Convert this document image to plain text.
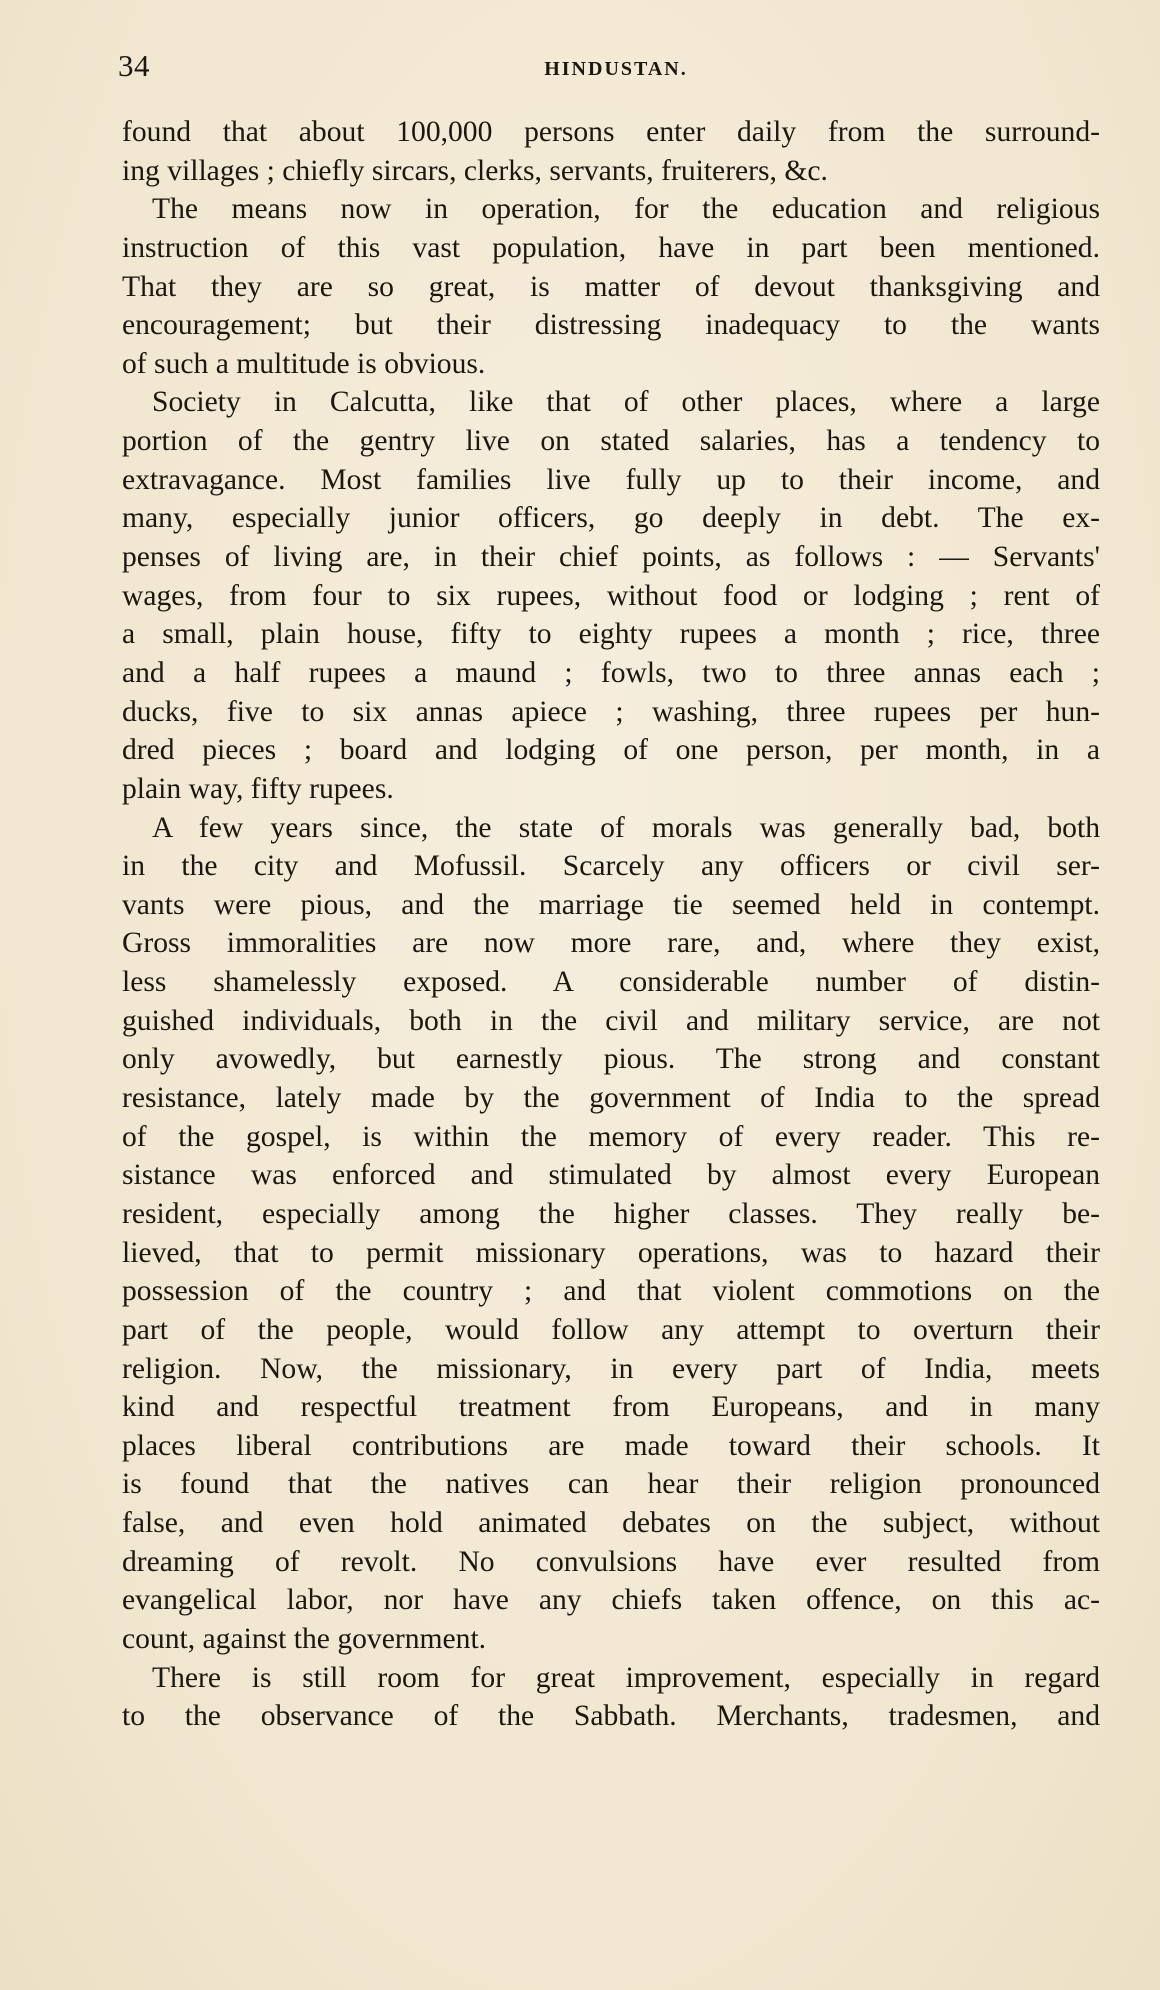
34	HINDUSTAN.
found that about 100,000 persons enter daily from the surround-
ing villages ; chiefly sircars, clerks, servants, fruiterers, &c.
The means now in operation, for the education and religious
instruction of this vast population, have in part been mentioned.
That they are so great, is matter of devout thanksgiving and
encouragement; but their distressing inadequacy to the wants
of such a multitude is obvious.
Society in Calcutta, like that of other places, where a large
portion of the gentry live on stated salaries, has a tendency to
extravagance. Most families live fully up to their income, and
many, especially junior officers, go deeply in debt. The ex-
penses of living are, in their chief points, as follows : — Servants'
wages, from four to six rupees, without food or lodging ; rent of
a small, plain house, fifty to eighty rupees a month ; rice, three
and a half rupees a maund ; fowls, two to three annas each ;
ducks, five to six annas apiece ; washing, three rupees per hun-
dred pieces ; board and lodging of one person, per month, in a
plain way, fifty rupees.
A few years since, the state of morals was generally bad, both
in the city and Mofussil. Scarcely any officers or civil ser-
vants were pious, and the marriage tie seemed held in contempt.
Gross immoralities are now more rare, and, where they exist,
less shamelessly exposed. A considerable number of distin-
guished individuals, both in the civil and military service, are not
only avowedly, but earnestly pious. The strong and constant
resistance, lately made by the government of India to the spread
of the gospel, is within the memory of every reader. This re-
sistance was enforced and stimulated by almost every European
resident, especially among the higher classes. They really be-
lieved, that to permit missionary operations, was to hazard their
possession of the country ; and that violent commotions on the
part of the people, would follow any attempt to overturn their
religion. Now, the missionary, in every part of India, meets
kind and respectful treatment from Europeans, and in many
places liberal contributions are made toward their schools. It
is found that the natives can hear their religion pronounced
false, and even hold animated debates on the subject, without
dreaming of revolt. No convulsions have ever resulted from
evangelical labor, nor have any chiefs taken offence, on this ac-
count, against the government.
There is still room for great improvement, especially in regard
to the observance of the Sabbath. Merchants, tradesmen, and
